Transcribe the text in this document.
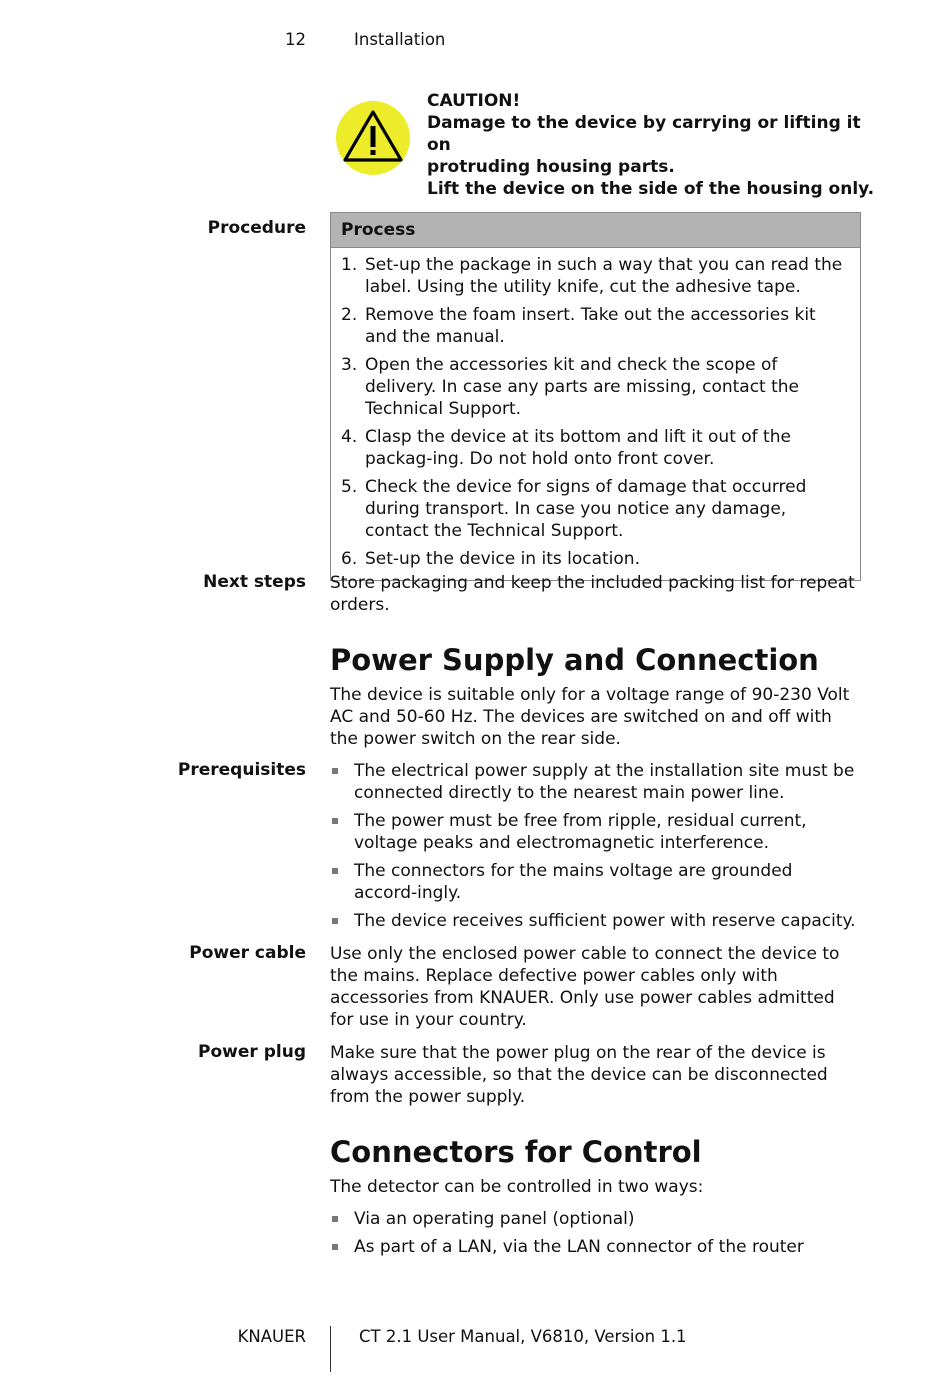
12	Installation
CAUTION!
Damage to the device by carrying or lifting it on
protruding housing parts.
Lift the device on the side of the housing only.
Procedure	Process
1. Set-up the package in such a way that you can read the label. Using the utility knife, cut the adhesive tape.
2. Remove the foam insert. Take out the accessories kit and the manual.
3. Open the accessories kit and check the scope of delivery. In case any parts are missing, contact the Technical Support.
4. Clasp the device at its bottom and lift it out of the packag-ing. Do not hold onto front cover.
5. Check the device for signs of damage that occurred during transport. In case you notice any damage, contact the Technical Support.
6. Set-up the device in its location.
Next steps Store packaging and keep the included packing list for repeat orders.
Power Supply and Connection
The device is suitable only for a voltage range of 90-230 Volt AC and 50-60 Hz. The devices are switched on and off with the power switch on the rear side.
Prerequisites	The electrical power supply at the installation site must be connected directly to the nearest main power line.
The power must be free from ripple, residual current, voltage peaks and electromagnetic interference.
The connectors for the mains voltage are grounded accord-ingly.
The device receives sufficient power with reserve capacity.
Power cable Use only the enclosed power cable to connect the device to the mains. Replace defective power cables only with accessories from KNAUER. Only use power cables admitted for use in your country.
Power plug Make sure that the power plug on the rear of the device is always accessible, so that the device can be disconnected from the power supply.
Connectors for Control
The detector can be controlled in two ways:
Via an operating panel (optional)
As part of a LAN, via the LAN connector of the router
KNAUER	CT 2.1 User Manual, V6810, Version 1.1
